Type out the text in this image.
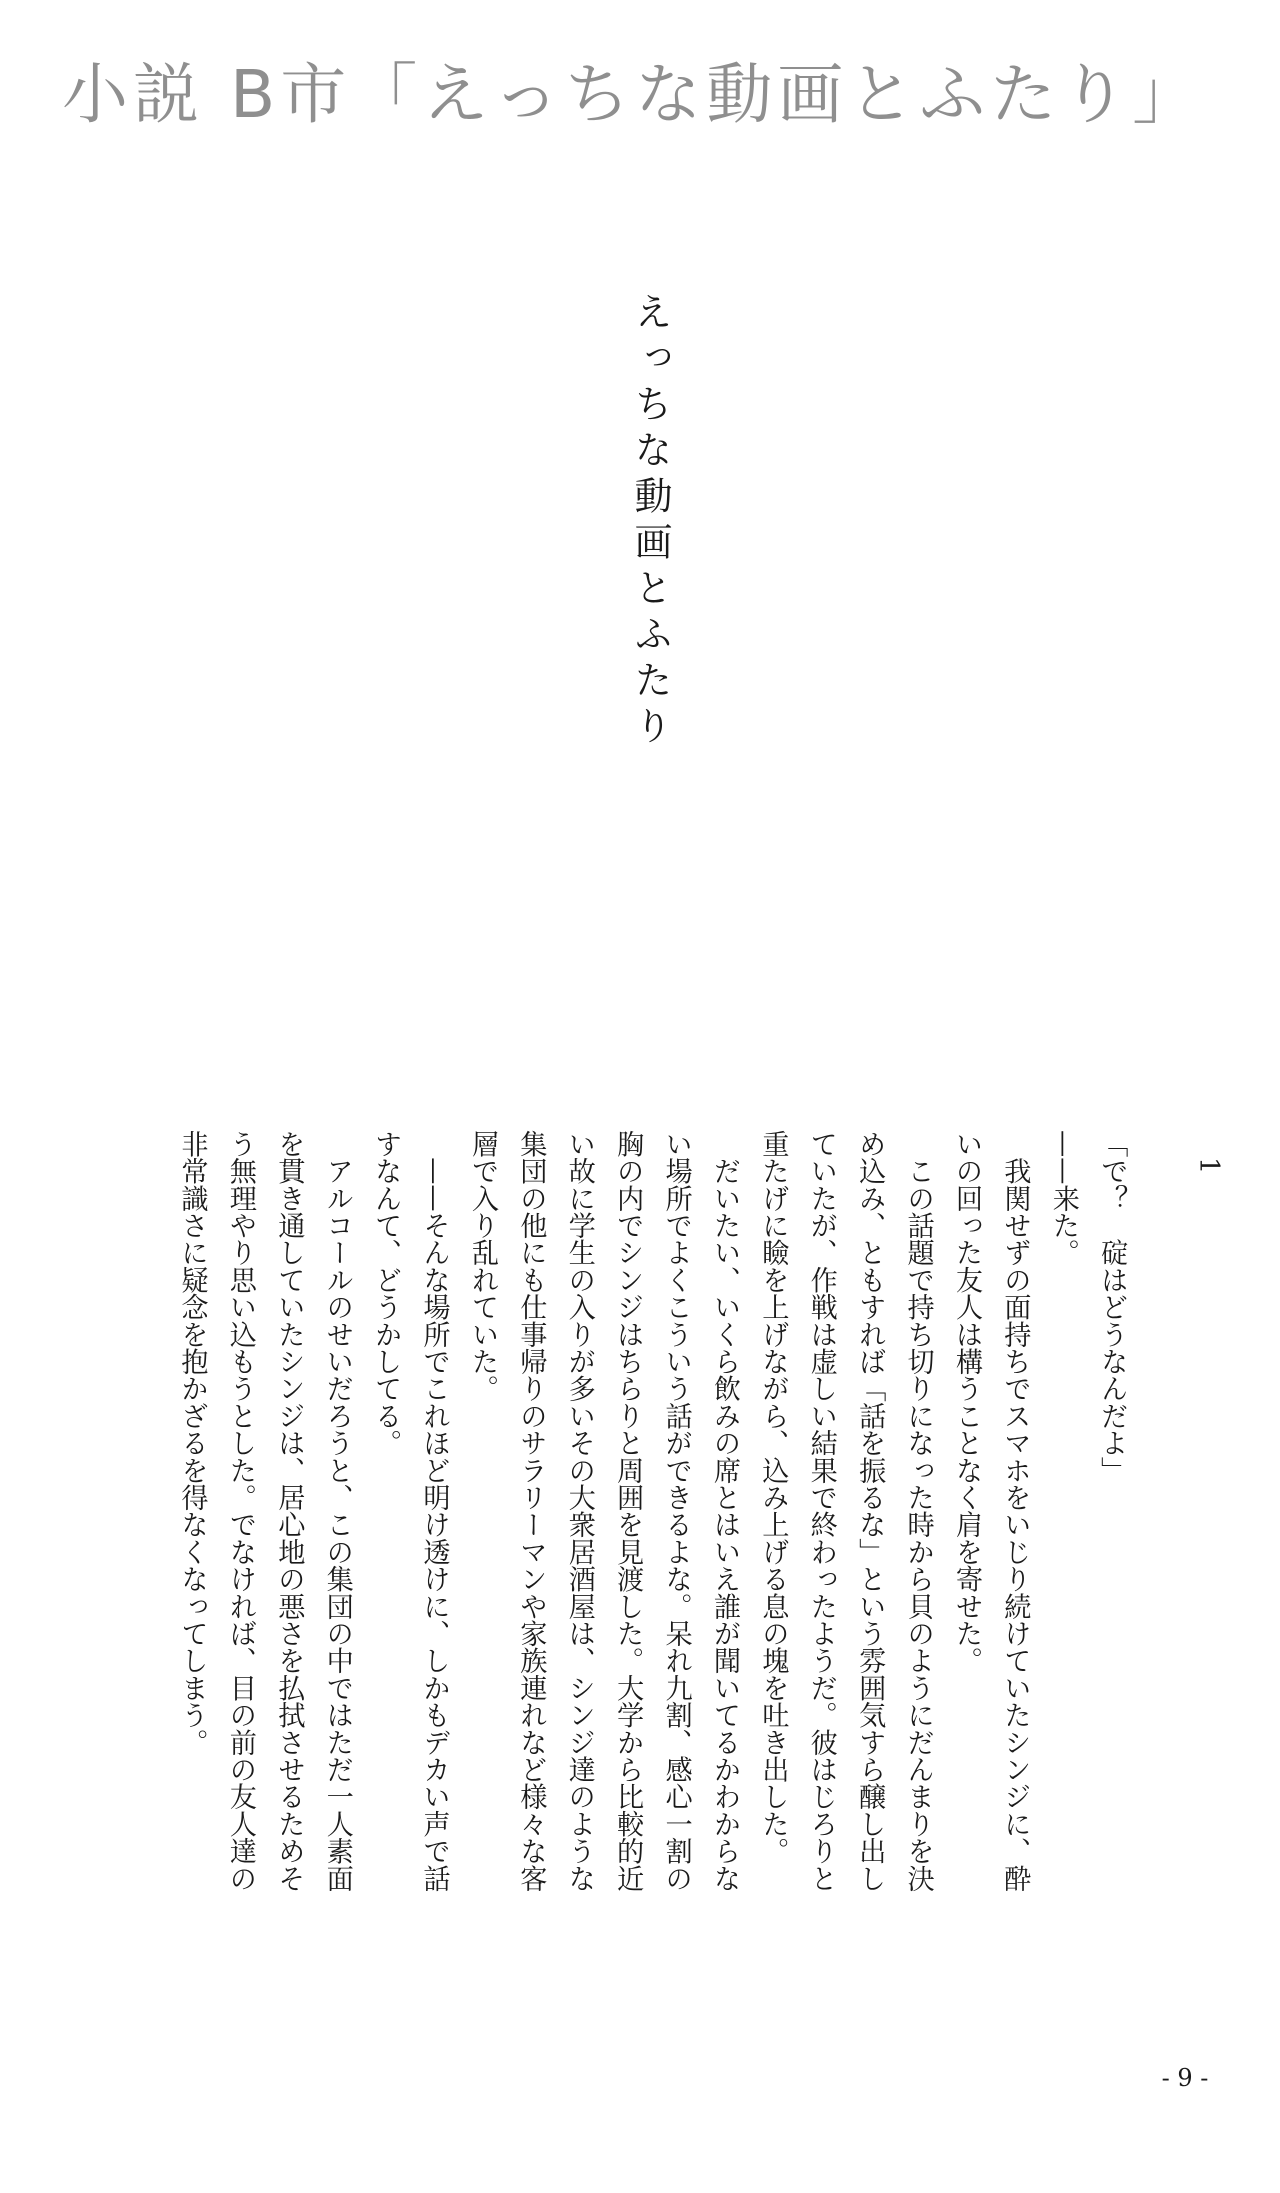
小説 B市「えっちな動画とふたり」
えっちな動画とふたり

1

「で？　碇はどうなんだよ」

——来た。

　我関せずの面持ちでスマホをいじり続けていたシンジに、酔いの回った友人は構うことなく肩を寄せた。

　この話題で持ち切りになった時から貝のようにだんまりを決め込み、ともすれば「話を振るな」という雰囲気すら醸し出していたが、作戦は虚しい結果で終わったようだ。彼はじろりと重たげに瞼を上げながら、込み上げる息の塊を吐き出した。

　だいたい、いくら飲みの席とはいえ誰が聞いてるかわからない場所でよくこういう話ができるよな。呆れ九割、感心一割の胸の内でシンジはちらりと周囲を見渡した。大学から比較的近い故に学生の入りが多いその大衆居酒屋は、シンジ達のような集団の他にも仕事帰りのサラリーマンや家族連れなど様々な客層で入り乱れていた。

　——そんな場所でこれほど明け透けに、しかもデカい声で話すなんて、どうかしてる。

　アルコールのせいだろうと、この集団の中ではただ一人素面を貫き通していたシンジは、居心地の悪さを払拭させるためそう無理やり思い込もうとした。でなければ、目の前の友人達の非常識さに疑念を抱かざるを得なくなってしまう。

- 9 -
